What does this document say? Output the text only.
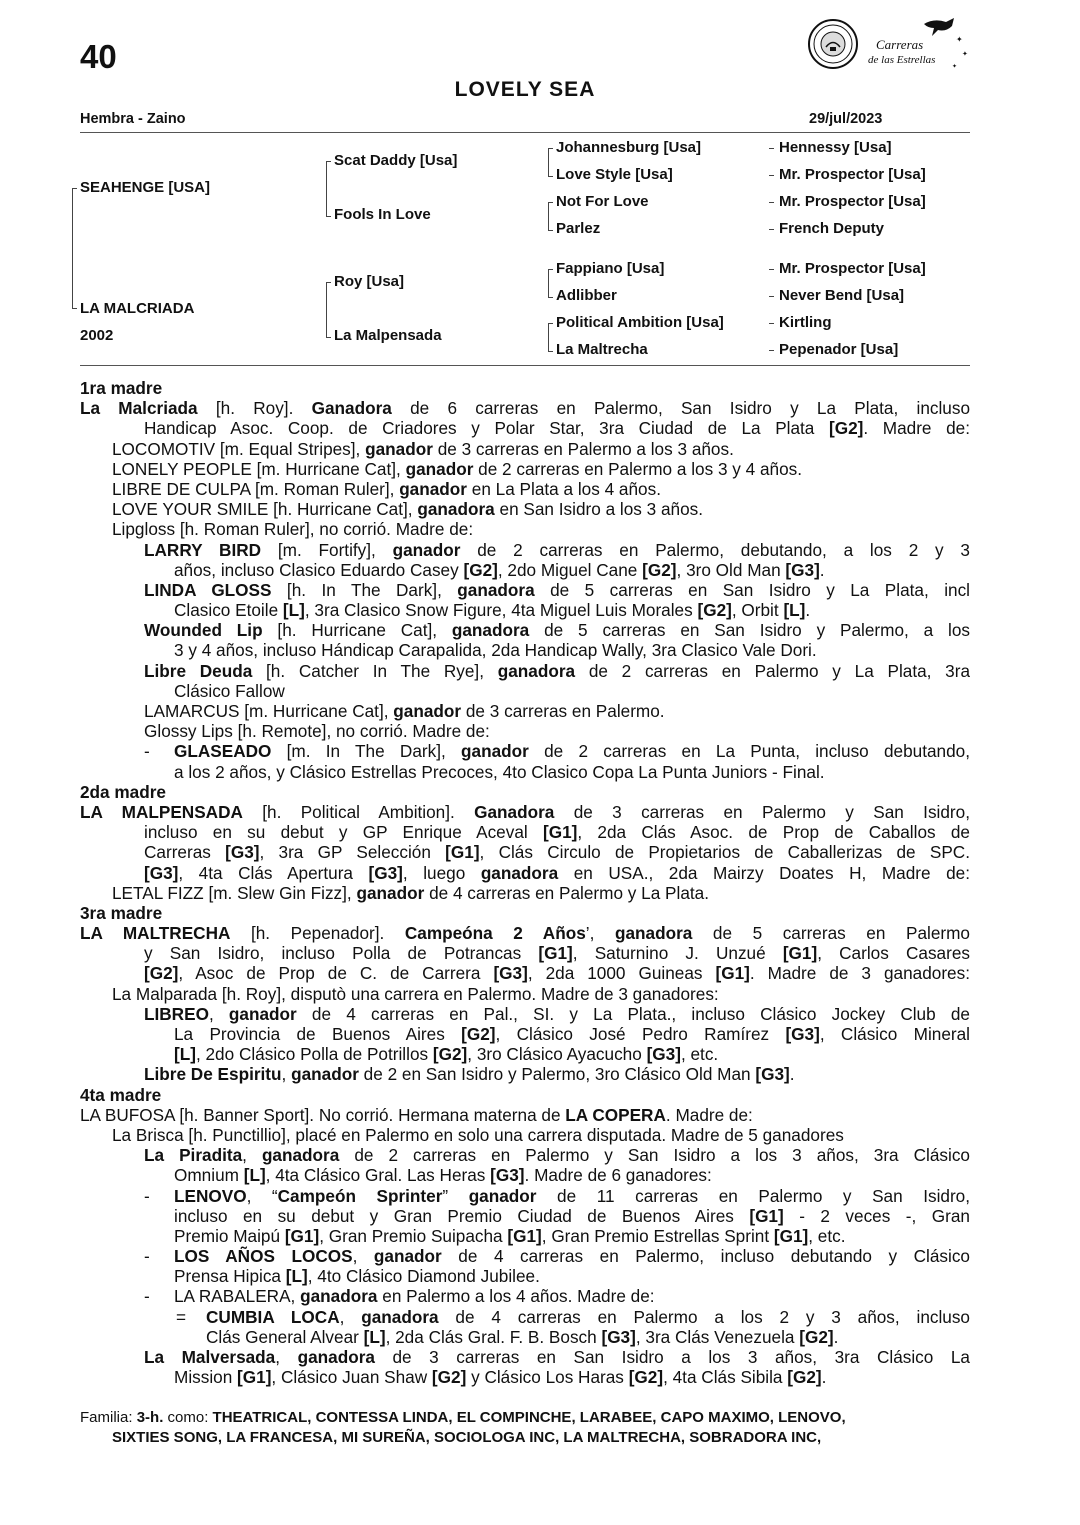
40	Carreras
de las Estrellas
✦
✦
✦
LOVELY SEA
Hembra - Zaino	29/jul/2023
SEAHENGE [USA]
LA MALCRIADA
2002
Scat Daddy [Usa]
Fools In Love
Roy [Usa]
La Malpensada
Johannesburg [Usa]
Love Style [Usa]
Not For Love
Parlez
Fappiano [Usa]
Adlibber
Political Ambition [Usa]
La Maltrecha
Hennessy [Usa]
Mr. Prospector [Usa]
Mr. Prospector [Usa]
French Deputy
Mr. Prospector [Usa]
Never Bend [Usa]
Kirtling
Pepenador [Usa]
1ra madre
La Malcriada [h. Roy]. Ganadora de 6 carreras en Palermo, San Isidro y La Plata, incluso
Handicap Asoc. Coop. de Criadores y Polar Star, 3ra Ciudad de La Plata [G2]. Madre de:
LOCOMOTIV [m. Equal Stripes], ganador de 3 carreras en Palermo a los 3 años.
LONELY PEOPLE [m. Hurricane Cat], ganador de 2 carreras en Palermo a los 3 y 4 años.
LIBRE DE CULPA [m. Roman Ruler], ganador en La Plata a los 4 años.
LOVE YOUR SMILE [h. Hurricane Cat], ganadora en San Isidro a los 3 años.
Lipgloss [h. Roman Ruler], no corrió. Madre de:
LARRY BIRD [m. Fortify], ganador de 2 carreras en Palermo, debutando, a los 2 y 3
años, incluso Clasico Eduardo Casey [G2], 2do Miguel Cane [G2], 3ro Old Man [G3].
LINDA GLOSS [h. In The Dark], ganadora de 5 carreras en San Isidro y La Plata, incl
Clasico Etoile [L], 3ra Clasico Snow Figure, 4ta Miguel Luis Morales [G2], Orbit [L].
Wounded Lip [h. Hurricane Cat], ganadora de 5 carreras en San Isidro y Palermo, a los
3 y 4 años, incluso Hándicap Carapalida, 2da Handicap Wally, 3ra Clasico Vale Dori.
Libre Deuda [h. Catcher In The Rye], ganadora de 2 carreras en Palermo y La Plata, 3ra
Clásico Fallow
LAMARCUS [m. Hurricane Cat], ganador de 3 carreras en Palermo.
Glossy Lips [h. Remote], no corrió. Madre de:
- GLASEADO [m. In The Dark], ganador de 2 carreras en La Punta, incluso debutando,
a los 2 años, y Clásico Estrellas Precoces, 4to Clasico Copa La Punta Juniors - Final.
2da madre
LA MALPENSADA [h. Political Ambition]. Ganadora de 3 carreras en Palermo y San Isidro,
incluso en su debut y GP Enrique Aceval [G1], 2da Clás Asoc. de Prop de Caballos de
Carreras [G3], 3ra GP Selección [G1], Clás Circulo de Propietarios de Caballerizas de SPC.
[G3], 4ta Clás Apertura [G3], luego ganadora en USA., 2da Mairzy Doates H, Madre de:
LETAL FIZZ [m. Slew Gin Fizz], ganador de 4 carreras en Palermo y La Plata.
3ra madre
LA MALTRECHA [h. Pepenador]. Campeóna 2 Años’, ganadora de 5 carreras en Palermo
y San Isidro, incluso Polla de Potrancas [G1], Saturnino J. Unzué [G1], Carlos Casares
[G2], Asoc de Prop de C. de Carrera [G3], 2da 1000 Guineas [G1]. Madre de 3 ganadores:
La Malparada [h. Roy], disputò una carrera en Palermo. Madre de 3 ganadores:
LIBREO, ganador de 4 carreras en Pal., SI. y La Plata., incluso Clásico Jockey Club de
La Provincia de Buenos Aires [G2], Clásico José Pedro Ramírez [G3], Clásico Mineral
[L], 2do Clásico Polla de Potrillos [G2], 3ro Clásico Ayacucho [G3], etc.
Libre De Espiritu, ganador de 2 en San Isidro y Palermo, 3ro Clásico Old Man [G3].
4ta madre
LA BUFOSA [h. Banner Sport]. No corrió. Hermana materna de LA COPERA. Madre de:
La Brisca [h. Punctillio], placé en Palermo en solo una carrera disputada. Madre de 5 ganadores
La Piradita, ganadora de 2 carreras en Palermo y San Isidro a los 3 años, 3ra Clásico
Omnium [L], 4ta Clásico Gral. Las Heras [G3]. Madre de 6 ganadores:
- LENOVO, “Campeón Sprinter” ganador de 11 carreras en Palermo y San Isidro,
incluso en su debut y Gran Premio Ciudad de Buenos Aires [G1] - 2 veces -, Gran
Premio Maipú [G1], Gran Premio Suipacha [G1], Gran Premio Estrellas Sprint [G1], etc.
- LOS AÑOS LOCOS, ganador de 4 carreras en Palermo, incluso debutando y Clásico
Prensa Hipica [L], 4to Clásico Diamond Jubilee.
- LA RABALERA, ganadora en Palermo a los 4 años. Madre de:
= CUMBIA LOCA, ganadora de 4 carreras en Palermo a los 2 y 3 años, incluso
Clás General Alvear [L], 2da Clás Gral. F. B. Bosch [G3], 3ra Clás Venezuela [G2].
La Malversada, ganadora de 3 carreras en San Isidro a los 3 años, 3ra Clásico La
Mission [G1], Clásico Juan Shaw [G2] y Clásico Los Haras [G2], 4ta Clás Sibila [G2].
Familia: 3-h. como: THEATRICAL, CONTESSA LINDA, EL COMPINCHE, LARABEE, CAPO MAXIMO, LENOVO,
SIXTIES SONG, LA FRANCESA, MI SUREÑA, SOCIOLOGA INC, LA MALTRECHA, SOBRADORA INC,
